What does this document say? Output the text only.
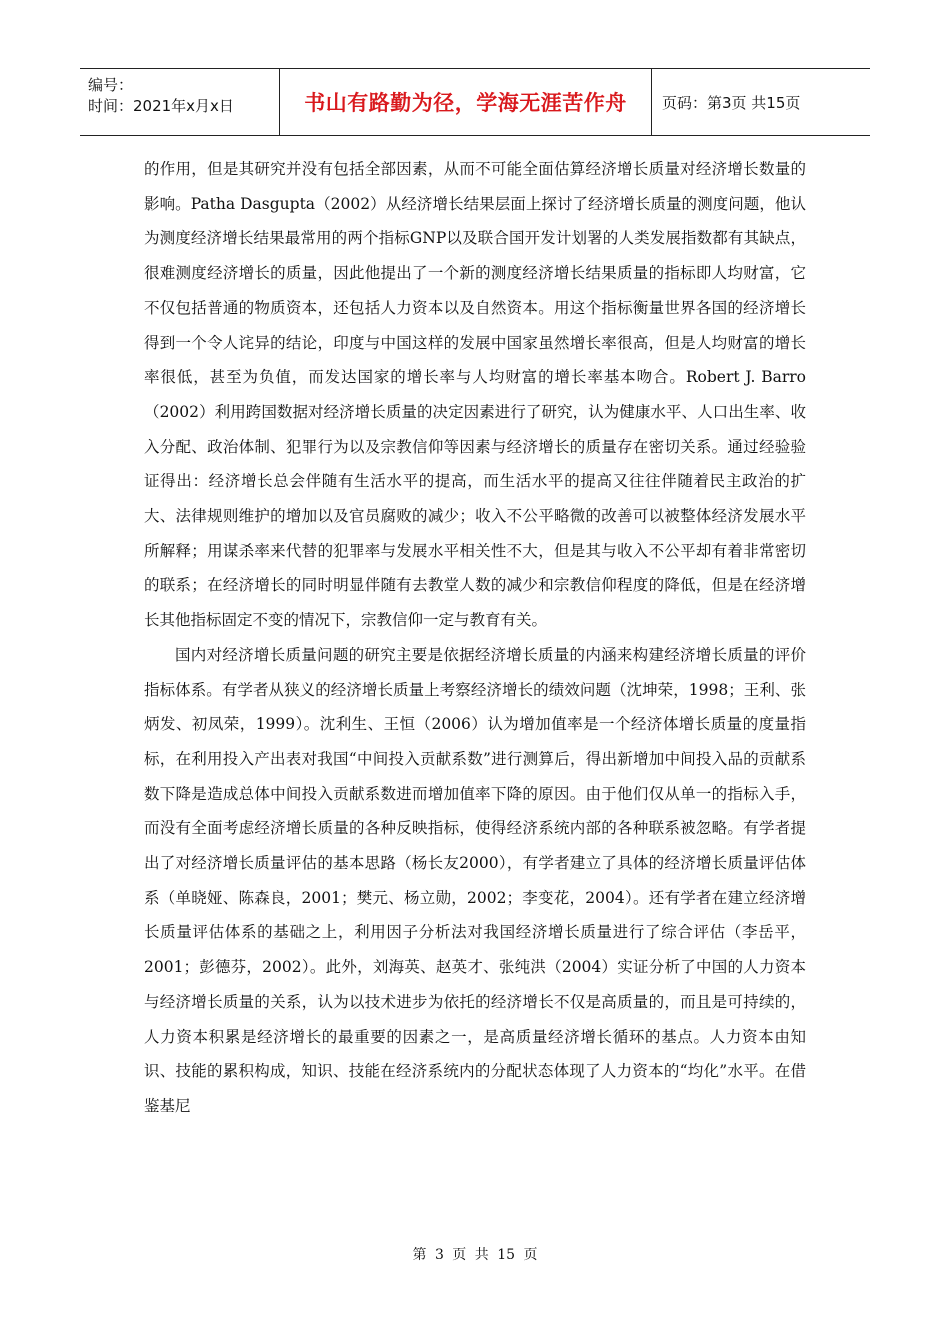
编号：
时间：2021年x月x日	书山有路勤为径，学海无涯苦作舟	页码：第3页 共15页

的作用，但是其研究并没有包括全部因素，从而不可能全面估算经济增长质量对经济增长数量的影响。Patha Dasgupta（2002）从经济增长结果层面上探讨了经济增长质量的测度问题，他认为测度经济增长结果最常用的两个指标GNP以及联合国开发计划署的人类发展指数都有其缺点，很难测度经济增长的质量，因此他提出了一个新的测度经济增长结果质量的指标即人均财富，它不仅包括普通的物质资本，还包括人力资本以及自然资本。用这个指标衡量世界各国的经济增长得到一个令人诧异的结论，印度与中国这样的发展中国家虽然增长率很高，但是人均财富的增长率很低，甚至为负值，而发达国家的增长率与人均财富的增长率基本吻合。Robert J. Barro（2002）利用跨国数据对经济增长质量的决定因素进行了研究，认为健康水平、人口出生率、收入分配、政治体制、犯罪行为以及宗教信仰等因素与经济增长的质量存在密切关系。通过经验验证得出：经济增长总会伴随有生活水平的提高，而生活水平的提高又往往伴随着民主政治的扩大、法律规则维护的增加以及官员腐败的减少；收入不公平略微的改善可以被整体经济发展水平所解释；用谋杀率来代替的犯罪率与发展水平相关性不大，但是其与收入不公平却有着非常密切的联系；在经济增长的同时明显伴随有去教堂人数的减少和宗教信仰程度的降低，但是在经济增长其他指标固定不变的情况下，宗教信仰一定与教育有关。

国内对经济增长质量问题的研究主要是依据经济增长质量的内涵来构建经济增长质量的评价指标体系。有学者从狭义的经济增长质量上考察经济增长的绩效问题（沈坤荣，1998；王利、张炳发、初凤荣，1999）。沈利生、王恒（2006）认为增加值率是一个经济体增长质量的度量指标，在利用投入产出表对我国“中间投入贡献系数”进行测算后，得出新增加中间投入品的贡献系数下降是造成总体中间投入贡献系数进而增加值率下降的原因。由于他们仅从单一的指标入手，而没有全面考虑经济增长质量的各种反映指标，使得经济系统内部的各种联系被忽略。有学者提出了对经济增长质量评估的基本思路（杨长友2000），有学者建立了具体的经济增长质量评估体系（单晓娅、陈森良，2001；樊元、杨立勋，2002；李变花，2004）。还有学者在建立经济增长质量评估体系的基础之上，利用因子分析法对我国经济增长质量进行了综合评估（李岳平，2001；彭德芬，2002）。此外，刘海英、赵英才、张纯洪（2004）实证分析了中国的人力资本与经济增长质量的关系，认为以技术进步为依托的经济增长不仅是高质量的，而且是可持续的，人力资本积累是经济增长的最重要的因素之一，是高质量经济增长循环的基点。人力资本由知识、技能的累积构成，知识、技能在经济系统内的分配状态体现了人力资本的“均化”水平。在借鉴基尼

第 3 页 共 15 页
